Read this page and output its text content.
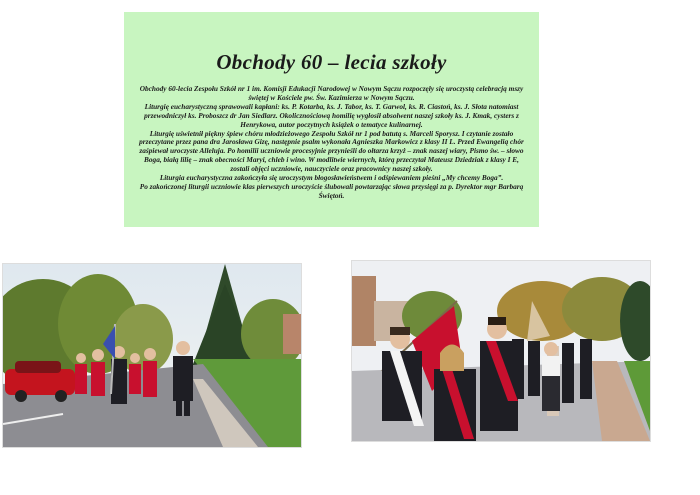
Obchody 60 – lecia szkoły

Obchody 60-lecia Zespołu Szkół nr 1 im. Komisji Edukacji Narodowej w Nowym Sączu rozpoczęły się uroczystą celebracją mszy świętej w Kościele pw. Św. Kazimierza w Nowym Sączu.

Liturgię eucharystyczną sprawowali kapłani: ks. P. Kotarba, ks. J. Tabor, ks. T. Garwol, ks. R. Ciastoń, ks. J. Słota natomiast przewodniczył ks. Proboszcz dr Jan Siedlarz. Okolicznościową homilię wygłosił absolwent naszej szkoły ks. J. Kmak, cysters z Henrykowa, autor poczytnych książek o tematyce kulinarnej.

Liturgię uświetnił piękny śpiew chóru młodzieżowego Zespołu Szkół nr 1 pod batutą s. Marceli Sporysz. I czytanie zostało przeczytane przez pana dra Jarosława Gizę, następnie psalm wykonała Agnieszka Markowicz z klasy II L. Przed Ewangelią chór zaśpiewał uroczyste Alleluja. Po homilii uczniowie procesyjnie przynieśli do ołtarza krzyż – znak naszej wiary, Pismo św. – słowo Boga, białą lilię – znak obecności Maryi, chleb i wino. W modlitwie wiernych, którą przeczytał Mateusz Dziedziak z klasy I E, zostali objęci uczniowie, nauczyciele oraz pracownicy naszej szkoły.

Liturgia eucharystyczna zakończyła się uroczystym błogosławieństwem i odśpiewaniem pieśni „My chcemy Boga”.

Po zakończonej liturgii uczniowie klas pierwszych uroczyście ślubowali powtarzając słowa przysięgi za p. Dyrektor mgr Barbarą Świętoń.
